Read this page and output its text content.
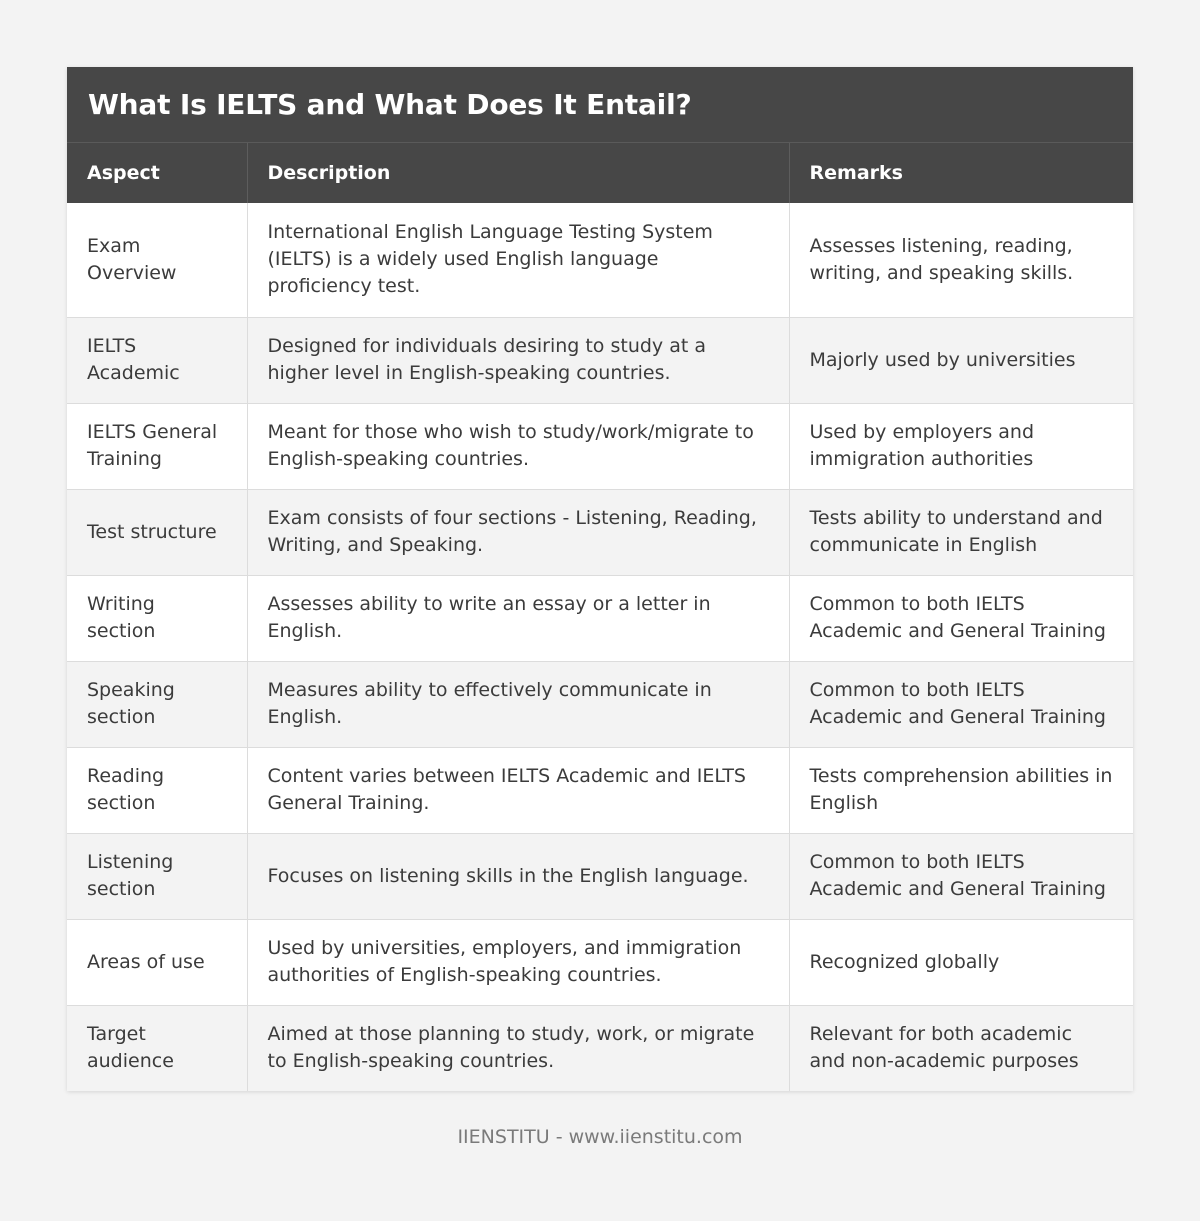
What Is IELTS and What Does It Entail?
Aspect	Description	Remarks
Exam Overview	International English Language Testing System (IELTS) is a widely used English language proficiency test.	Assesses listening, reading, writing, and speaking skills.
IELTS Academic	Designed for individuals desiring to study at a higher level in English-speaking countries.	Majorly used by universities
IELTS General Training	Meant for those who wish to study/work/migrate to English-speaking countries.	Used by employers and immigration authorities
Test structure	Exam consists of four sections - Listening, Reading, Writing, and Speaking.	Tests ability to understand and communicate in English
Writing section	Assesses ability to write an essay or a letter in English.	Common to both IELTS Academic and General Training
Speaking section	Measures ability to effectively communicate in English.	Common to both IELTS Academic and General Training
Reading section	Content varies between IELTS Academic and IELTS General Training.	Tests comprehension abilities in English
Listening section	Focuses on listening skills in the English language.	Common to both IELTS Academic and General Training
Areas of use	Used by universities, employers, and immigration authorities of English-speaking countries.	Recognized globally
Target audience	Aimed at those planning to study, work, or migrate to English-speaking countries.	Relevant for both academic and non-academic purposes
IIENSTITU - www.iienstitu.com
